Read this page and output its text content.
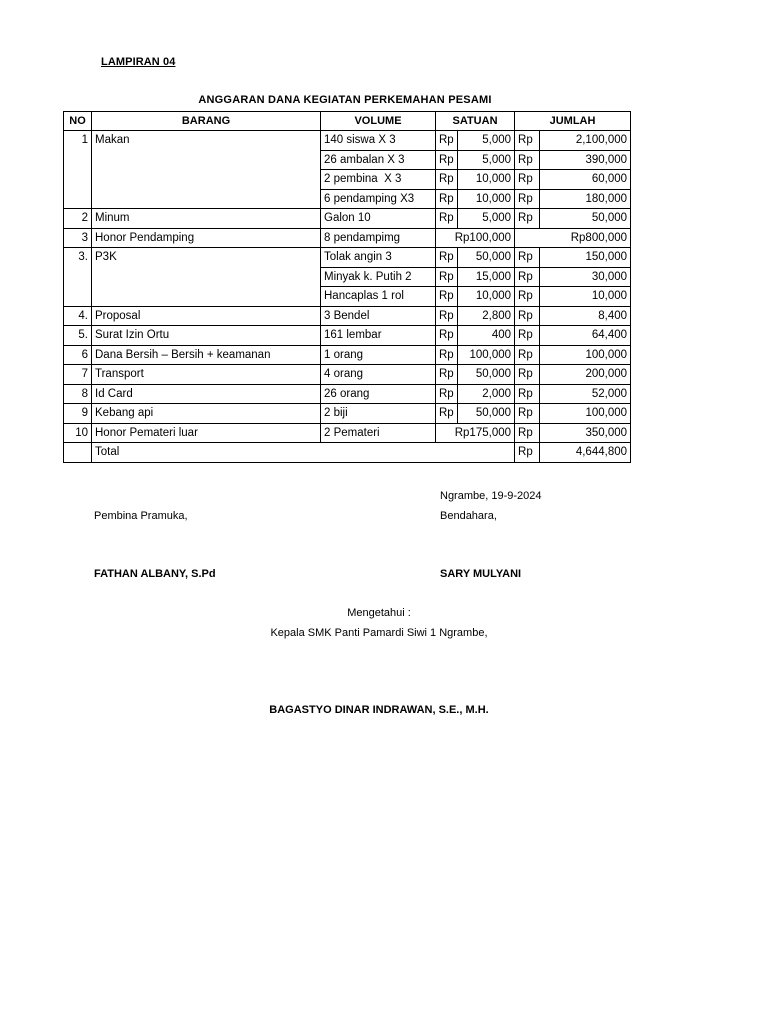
LAMPIRAN 04
ANGGARAN DANA KEGIATAN PERKEMAHAN PESAMI
NO	BARANG	VOLUME	SATUAN		JUMLAH	
1	Makan	140 siswa X 3	Rp	5,000	Rp	2,100,000
		26 ambalan X 3	Rp	5,000	Rp	390,000
		2 pembina  X 3	Rp	10,000	Rp	60,000
		6 pendamping X3	Rp	10,000	Rp	180,000
2	Minum	Galon 10	Rp	5,000	Rp	50,000
3	Honor Pendamping	8 pendampimg	Rp100,000		Rp800,000	
3.	P3K	Tolak angin 3	Rp	50,000	Rp	150,000
		Minyak k. Putih 2	Rp	15,000	Rp	30,000
		Hancaplas 1 rol	Rp	10,000	Rp	10,000
4.	Proposal	3 Bendel	Rp	2,800	Rp	8,400
5.	Surat Izin Ortu	161 lembar	Rp	400	Rp	64,400
6	Dana Bersih – Bersih + keamanan	1 orang	Rp	100,000	Rp	100,000
7	Transport	4 orang	Rp	50,000	Rp	200,000
8	Id Card	26 orang	Rp	2,000	Rp	52,000
9	Kebang api	2 biji	Rp	50,000	Rp	100,000
10	Honor Pemateri luar	2 Pemateri	Rp175,000		Rp	350,000
	Total				Rp	4,644,800
Ngrambe, 19-9-2024
Pembina Pramuka,	Bendahara,
FATHAN ALBANY, S.Pd	SARY MULYANI
Mengetahui :
Kepala SMK Panti Pamardi Siwi 1 Ngrambe,
BAGASTYO DINAR INDRAWAN, S.E., M.H.
